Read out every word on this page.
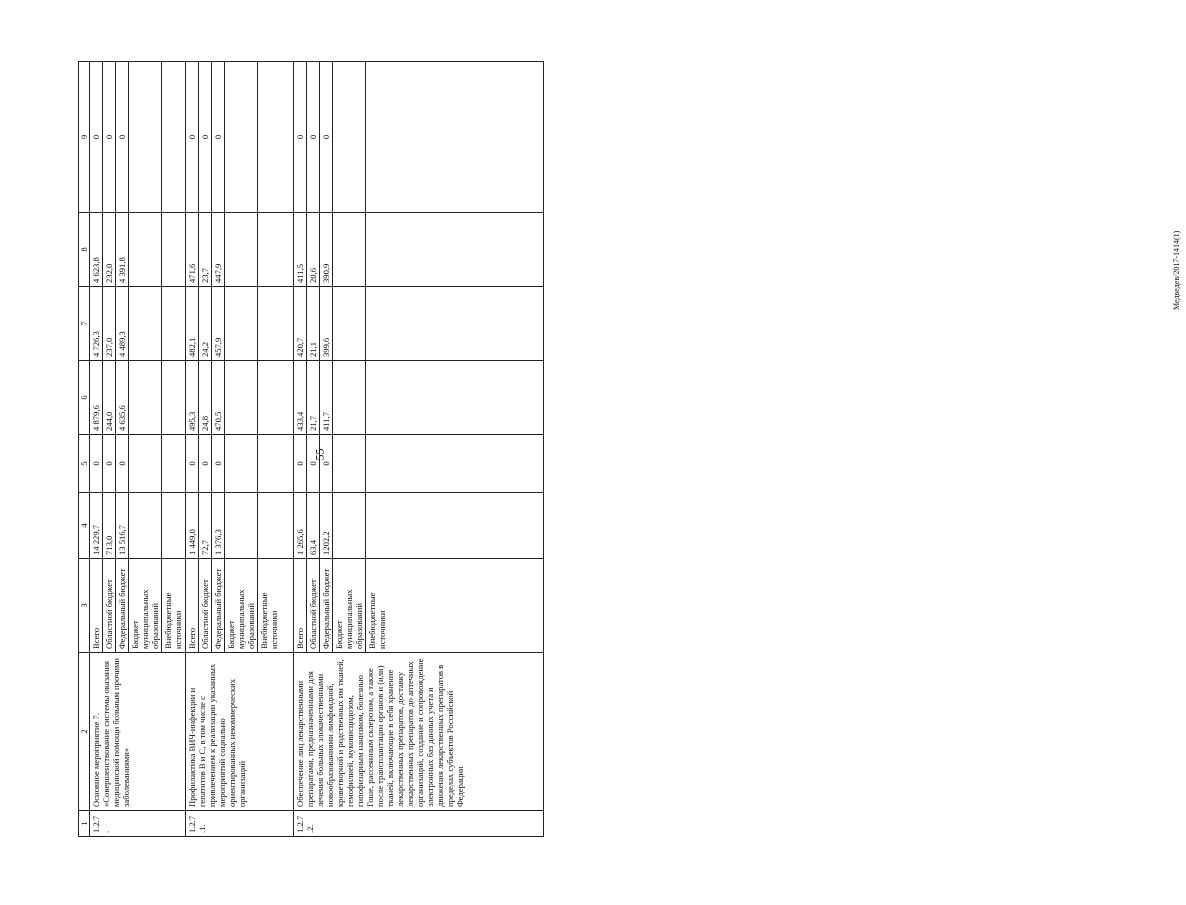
55
Медведев/2017-1414(1)
1	2	3	4	5	6	7	8	9
1.2.7.	Основное мероприятие 7. «Совершенствование системы оказания медицинской помощи больным прочими заболеваниями»	Всего	14 229,7	0	4 879,6	4 726,3	4 623,8	0
		Областной бюджет	713,0	0	244,0	237,0	232,0	0
		Федеральный бюджет	13 516,7	0	4 635,6	4 489,3	4 391,8	0
		Бюджет муниципальных образований						
		Внебюджетные источники						
1.2.7.1.	Профилактика ВИЧ-инфекции и гепатитов В и С, в том числе с привлечением к реализации указанных мероприятий социально ориентированных некоммерческих организаций	Всего	1 449,0	0	495,3	482,1	471,6	0
		Областной бюджет	72,7	0	24,8	24,2	23,7	0
		Федеральный бюджет	1 376,3	0	470,5	457,9	447,9	0
		Бюджет муниципальных образований						
		Внебюджетные источники						
1.2.7.2.	Обеспечение лиц лекарственными препаратами, предназначенными для лечения больных злокачественными новообразованиями лимфоидной, кроветворной и родственных им тканей, гемофилией, муковисцидозом, гипофизарным нанизмом, болезнью Гоше, рассеянным склерозом, а также после трансплантации органов и (или) тканей, включающие в себя хранение лекарственных препаратов, доставку лекарственных препаратов до аптечных организаций, создание и сопровождение электронных баз данных учета и движения лекарственных препаратов в пределах субъектов Российской Федерации	Всего	1 265,6	0	433,4	420,7	411,5	0
		Областной бюджет	63,4	0	21,7	21,1	20,6	0
		Федеральный бюджет	1202,2	0	411,7	399,6	390,9	0
		Бюджет муниципальных образований						
		Внебюджетные источники						
